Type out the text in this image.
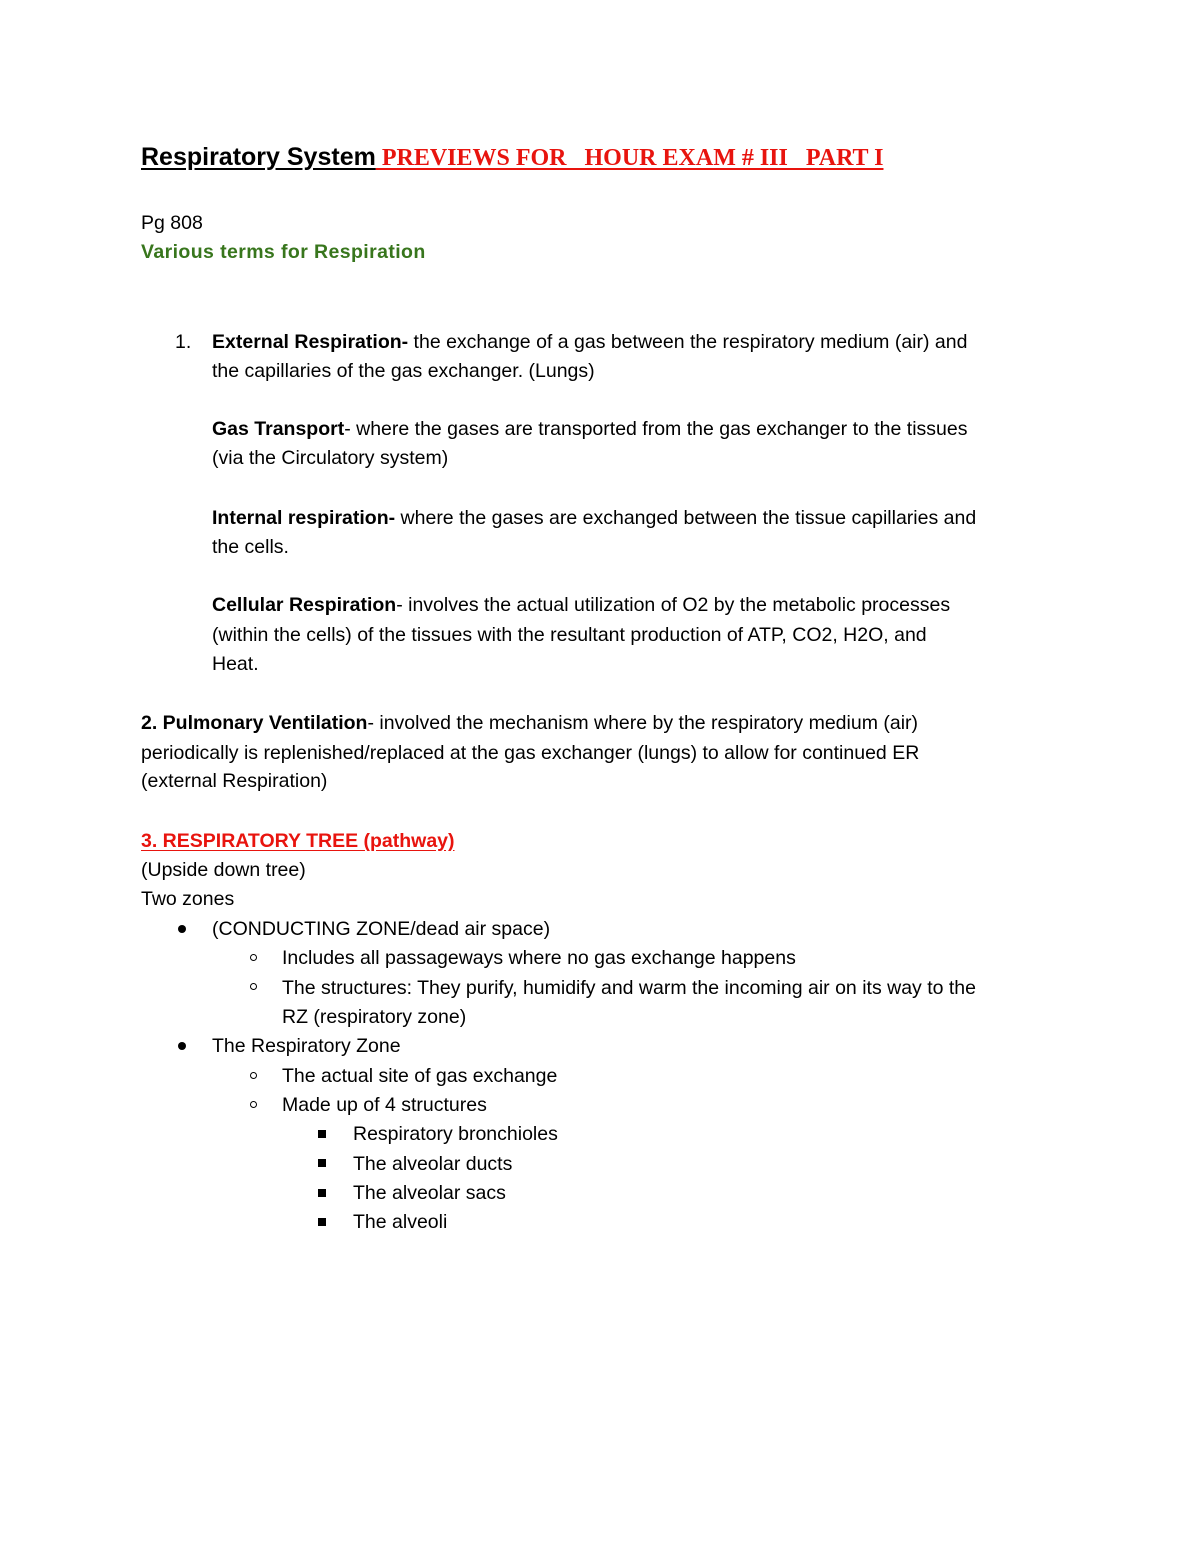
Respiratory System PREVIEWS FOR   HOUR EXAM # III   PART I
Pg 808
Various terms for Respiration
1. External Respiration- the exchange of a gas between the respiratory medium (air) and
the capillaries of the gas exchanger. (Lungs)
Gas Transport- where the gases are transported from the gas exchanger to the tissues
(via the Circulatory system)
Internal respiration- where the gases are exchanged between the tissue capillaries and
the cells.
Cellular Respiration- involves the actual utilization of O2 by the metabolic processes
(within the cells) of the tissues with the resultant production of ATP, CO2, H2O, and
Heat.
2. Pulmonary Ventilation- involved the mechanism where by the respiratory medium (air)
periodically is replenished/replaced at the gas exchanger (lungs) to allow for continued ER
(external Respiration)
3. RESPIRATORY TREE (pathway)
(Upside down tree)
Two zones
(CONDUCTING ZONE/dead air space)
Includes all passageways where no gas exchange happens
The structures: They purify, humidify and warm the incoming air on its way to the
RZ (respiratory zone)
The Respiratory Zone
The actual site of gas exchange
Made up of 4 structures
Respiratory bronchioles
The alveolar ducts
The alveolar sacs
The alveoli
